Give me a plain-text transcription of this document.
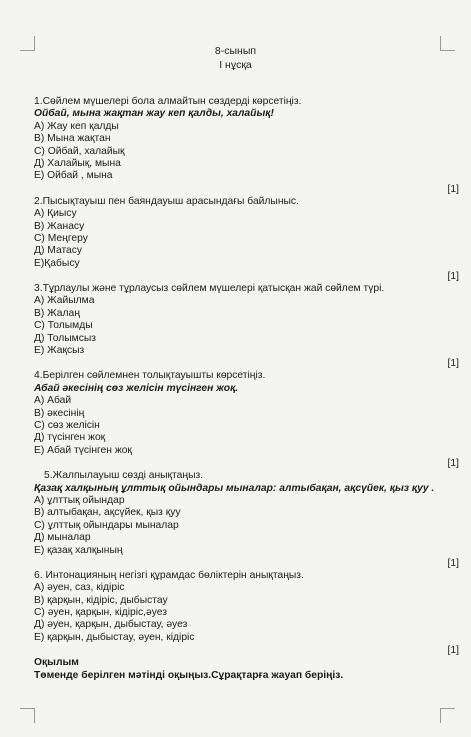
8-сынып
І нұсқа
1.Сөйлем мүшелері бола алмайтын сөздерді көрсетіңіз.
Ойбай, мына жақтан жау кеп қалды, халайық!
А) Жау кеп қалды
В) Мына жақтан
С) Ойбай, халайық
Д) Халайық, мына
Е) Ойбай , мына
[1]
2.Пысықтауыш пен баяндауыш арасындағы байлыныс.
А) Қиысу
В) Жанасу
С) Меңгеру
Д) Матасу
Е)Қабысу
[1]
3.Тұрлаулы және тұрлаусыз сөйлем мүшелері қатысқан жай сөйлем түрі.
А) Жайылма
В) Жалаң
С) Толымды
Д) Толымсыз
Е) Жақсыз
[1]
4.Берілген сөйлемнен толықтауышты көрсетіңіз.
Абай әкесінің сөз желісін түсінген жоқ.
А) Абай
В) әкесінің
С) сөз желісін
Д) түсінген жоқ
Е) Абай түсінген жоқ
[1]
5.Жалпылауыш сөзді анықтаңыз.
Қазақ халқының ұлттық ойындары мыналар: алтыбақан, ақсүйек, қыз қуу .
А) ұлттық ойындар
В) алтыбақан, ақсүйек, қыз қуу
С) ұлттық ойындары мыналар
Д) мыналар
Е) қазақ халқының
[1]
6. Интонацияның негізгі құрамдас бөліктерін анықтаңыз.
А) әуен, саз, кідіріс
В) қарқын, кідіріс, дыбыстау
С) әуен, қарқын, кідіріс,әуез
Д) әуен, қарқын, дыбыстау, әуез
Е) қарқын, дыбыстау, әуен, кідіріс
[1]
Оқылым
Төменде берілген мәтінді оқыңыз.Сұрақтарға жауап беріңіз.
